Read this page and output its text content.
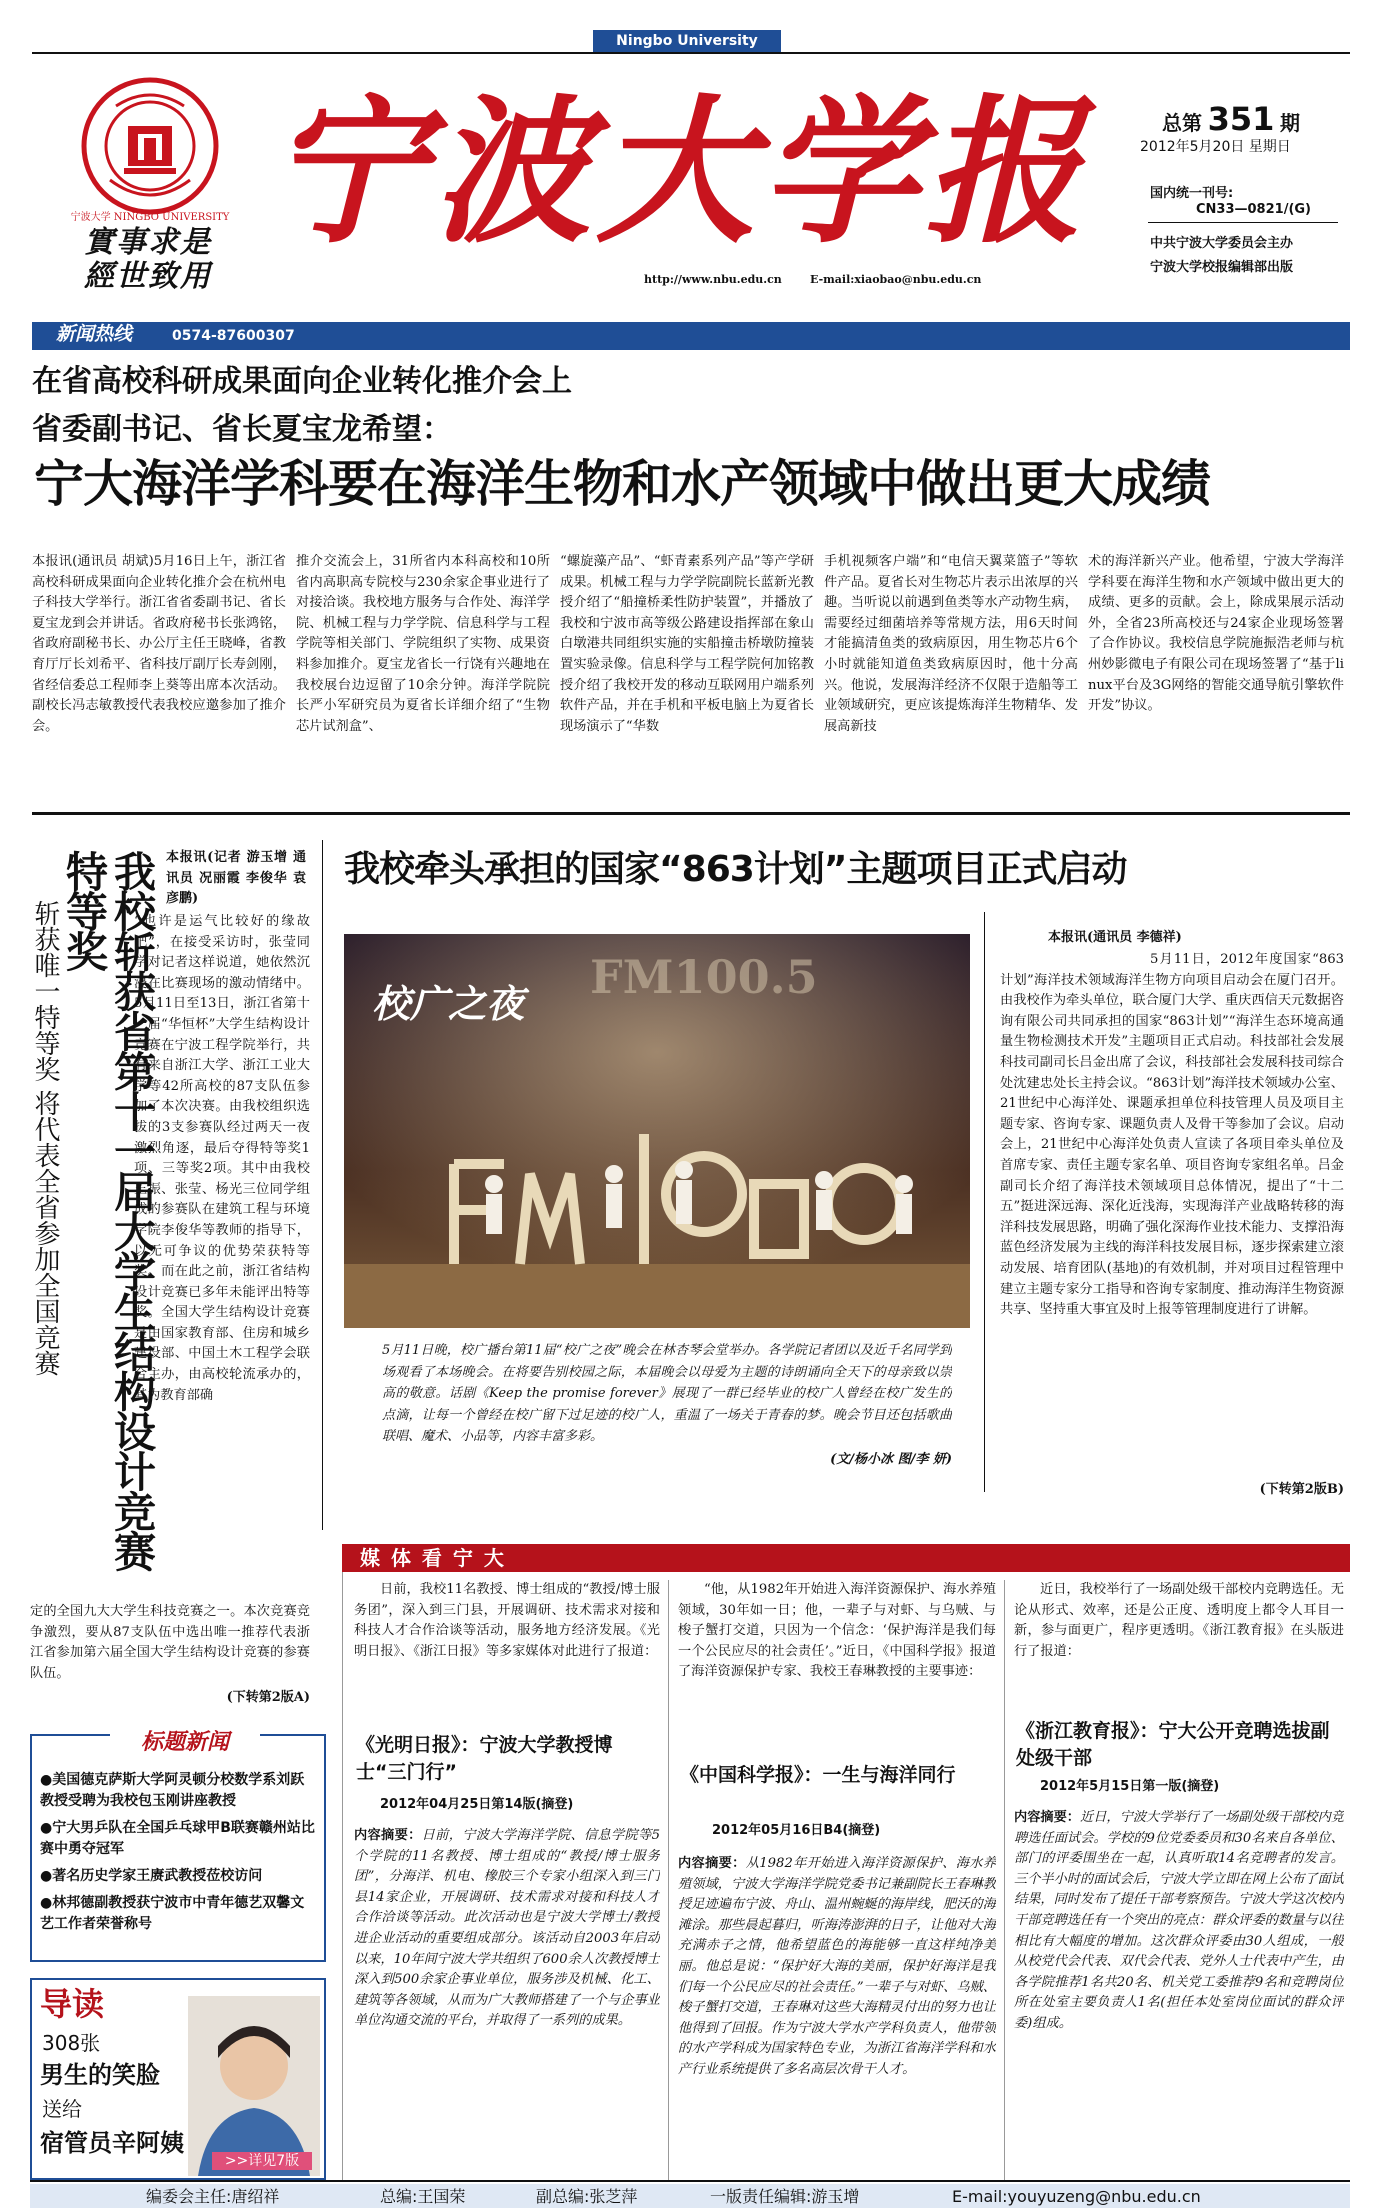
Ningbo University
宁波大学 NINGBO UNIVERSITY
實事求是
經世致用
宁波大学报
http://www.nbu.edu.cn	E-mail:xiaobao@nbu.edu.cn
总第 351 期
2012年5月20日 星期日
国内统一刊号:
CN33—0821/(G)
中共宁波大学委员会主办
宁波大学校报编辑部出版
新闻热线	0574-87600307
在省高校科研成果面向企业转化推介会上
省委副书记、省长夏宝龙希望：
宁大海洋学科要在海洋生物和水产领域中做出更大成绩
本报讯(通讯员 胡斌)5月16日上午，浙江省高校科研成果面向企业转化推介会在杭州电子科技大学举行。浙江省省委副书记、省长夏宝龙到会并讲话。省政府秘书长张鸿铭，省政府副秘书长、办公厅主任王晓峰，省教育厅厅长刘希平、省科技厅副厅长寿剑刚，省经信委总工程师李上葵等出席本次活动。副校长冯志敏教授代表我校应邀参加了推介会。
推介交流会上，31所省内本科高校和10所省内高职高专院校与230余家企事业进行了对接洽谈。我校地方服务与合作处、海洋学院、机械工程与力学学院、信息科学与工程学院等相关部门、学院组织了实物、成果资料参加推介。夏宝龙省长一行饶有兴趣地在我校展台边逗留了10余分钟。海洋学院院长严小军研究员为夏省长详细介绍了“生物芯片试剂盒”、
“螺旋藻产品”、“虾青素系列产品”等产学研成果。机械工程与力学学院副院长蓝新光教授介绍了“船撞桥柔性防护装置”，并播放了我校和宁波市高等级公路建设指挥部在象山白墩港共同组织实施的实船撞击桥墩防撞装置实验录像。信息科学与工程学院何加铭教授介绍了我校开发的移动互联网用户端系列软件产品，并在手机和平板电脑上为夏省长现场演示了“华数
手机视频客户端”和“电信天翼菜篮子”等软件产品。夏省长对生物芯片表示出浓厚的兴趣。当听说以前遇到鱼类等水产动物生病，需要经过细菌培养等常规方法，用6天时间才能搞清鱼类的致病原因，用生物芯片6个小时就能知道鱼类致病原因时，他十分高兴。他说，发展海洋经济不仅限于造船等工业领域研究，更应该提炼海洋生物精华、发展高新技
术的海洋新兴产业。他希望，宁波大学海洋学科要在海洋生物和水产领域中做出更大的成绩、更多的贡献。会上，除成果展示活动外，全省23所高校还与24家企业现场签署了合作协议。我校信息学院施振浩老师与杭州妙影微电子有限公司在现场签署了“基于linux平台及3G网络的智能交通导航引擎软件开发”协议。
我校斩获省第十一届大学生结构设计竞赛特等奖
斩获唯一特等奖 将代表全省参加全国竞赛
本报讯(记者 游玉增 通讯员 况丽霞 李俊华 袁彦鹏)
“也许是运气比较好的缘故吧”，在接受采访时，张莹同学对记者这样说道，她依然沉浸在比赛现场的激动情绪中。5月11日至13日，浙江省第十一届“华恒杯”大学生结构设计竞赛在宁波工程学院举行，共有来自浙江大学、浙江工业大学等42所高校的87支队伍参加了本次决赛。由我校组织选拔的3支参赛队经过两天一夜激烈角逐，最后夺得特等奖1项、三等奖2项。其中由我校王振、张莹、杨光三位同学组成的参赛队在建筑工程与环境学院李俊华等教师的指导下，以无可争议的优势荣获特等奖。而在此之前，浙江省结构设计竞赛已多年未能评出特等奖。全国大学生结构设计竞赛是由国家教育部、住房和城乡建设部、中国土木工程学会联合主办，由高校轮流承办的，其为教育部确
定的全国九大大学生科技竞赛之一。本次竞赛竞争激烈，要从87支队伍中选出唯一推荐代表浙江省参加第六届全国大学生结构设计竞赛的参赛队伍。
(下转第2版A)
我校牵头承担的国家“863计划”主题项目正式启动
FM100.5
校广之夜
5月11日晚，校广播台第11届“校广之夜”晚会在林杏琴会堂举办。各学院记者团以及近千名同学到场观看了本场晚会。在将要告别校园之际，本届晚会以母爱为主题的诗朗诵向全天下的母亲致以崇高的敬意。话剧《Keep the promise forever》展现了一群已经毕业的校广人曾经在校广发生的点滴，让每一个曾经在校广留下过足迹的校广人，重温了一场关于青春的梦。晚会节目还包括歌曲联唱、魔术、小品等，内容丰富多彩。
(文/杨小冰 图/李 妍)
本报讯(通讯员 李德祥)
5月11日，2012年度国家“863计划”海洋技术领域海洋生物方向项目启动会在厦门召开。由我校作为牵头单位，联合厦门大学、重庆西信天元数据咨询有限公司共同承担的国家“863计划”“海洋生态环境高通量生物检测技术开发”主题项目正式启动。科技部社会发展科技司副司长吕金出席了会议，科技部社会发展科技司综合处沈建忠处长主持会议。“863计划”海洋技术领域办公室、21世纪中心海洋处、课题承担单位科技管理人员及项目主题专家、咨询专家、课题负责人及骨干等参加了会议。启动会上，21世纪中心海洋处负责人宣读了各项目牵头单位及首席专家、责任主题专家名单、项目咨询专家组名单。吕金副司长介绍了海洋技术领域项目总体情况，提出了“十二五”挺进深远海、深化近浅海，实现海洋产业战略转移的海洋科技发展思路，明确了强化深海作业技术能力、支撑沿海蓝色经济发展为主线的海洋科技发展目标，逐步探索建立滚动发展、培育团队(基地)的有效机制，并对项目过程管理中建立主题专家分工指导和咨询专家制度、推动海洋生物资源共享、坚持重大事宜及时上报等管理制度进行了讲解。
(下转第2版B)
媒 体 看 宁 大
日前，我校11名教授、博士组成的“教授/博士服务团”，深入到三门县，开展调研、技术需求对接和科技人才合作洽谈等活动，服务地方经济发展。《光明日报》、《浙江日报》等多家媒体对此进行了报道：
《光明日报》：宁波大学教授博士“三门行”
2012年04月25日第14版(摘登)
内容摘要：日前，宁波大学海洋学院、信息学院等5个学院的11名教授、博士组成的“教授/博士服务团”，分海洋、机电、橡胶三个专家小组深入到三门县14家企业，开展调研、技术需求对接和科技人才合作洽谈等活动。此次活动也是宁波大学博士/教授进企业活动的重要组成部分。该活动自2003年启动以来，10年间宁波大学共组织了600余人次教授博士深入到500余家企事业单位，服务涉及机械、化工、建筑等各领域，从而为广大教师搭建了一个与企事业单位沟通交流的平台，并取得了一系列的成果。
“他，从1982年开始进入海洋资源保护、海水养殖领域，30年如一日；他，一辈子与对虾、与乌贼、与梭子蟹打交道，只因为一个信念：‘保护海洋是我们每一个公民应尽的社会责任’。”近日，《中国科学报》报道了海洋资源保护专家、我校王春琳教授的主要事迹：
《中国科学报》：一生与海洋同行
2012年05月16日B4(摘登)
内容摘要：从1982年开始进入海洋资源保护、海水养殖领域，宁波大学海洋学院党委书记兼副院长王春琳教授足迹遍布宁波、舟山、温州蜿蜒的海岸线，肥沃的海滩涂。那些晨起暮归，听海涛澎湃的日子，让他对大海充满赤子之情，他希望蓝色的海能够一直这样纯净美丽。他总是说：“保护好大海的美丽，保护好海洋是我们每一个公民应尽的社会责任。”一辈子与对虾、乌贼、梭子蟹打交道，王春琳对这些大海精灵付出的努力也让他得到了回报。作为宁波大学水产学科负责人，他带领的水产学科成为国家特色专业，为浙江省海洋学科和水产行业系统提供了多名高层次骨干人才。
近日，我校举行了一场副处级干部校内竞聘选任。无论从形式、效率，还是公正度、透明度上都令人耳目一新，参与面更广，程序更透明。《浙江教育报》在头版进行了报道：
《浙江教育报》：宁大公开竞聘选拔副处级干部
2012年5月15日第一版(摘登)
内容摘要：近日，宁波大学举行了一场副处级干部校内竞聘选任面试会。学校的9位党委委员和30名来自各单位、部门的评委围坐在一起，认真听取14名竞聘者的发言。三个半小时的面试会后，宁波大学立即在网上公布了面试结果，同时发布了提任干部考察预告。宁波大学这次校内干部竞聘选任有一个突出的亮点：群众评委的数量与以往相比有大幅度的增加。这次群众评委由30人组成，一般从校党代会代表、双代会代表、党外人士代表中产生，由各学院推荐1名共20名、机关党工委推荐9名和竞聘岗位所在处室主要负责人1名(担任本处室岗位面试的群众评委)组成。
标题新闻
●美国德克萨斯大学阿灵顿分校数学系刘跃教授受聘为我校包玉刚讲座教授
●宁大男乒队在全国乒乓球甲B联赛赣州站比赛中勇夺冠军
●著名历史学家王赓武教授莅校访问
●林邦德副教授获宁波市中青年德艺双馨文艺工作者荣誉称号
导读
308张
男生的笑脸
送给
宿管员辛阿姨
>>详见7版
编委会主任:唐绍祥	总编:王国荣	副总编:张芝萍	一版责任编辑:游玉增	E-mail:youyuzeng@nbu.edu.cn
